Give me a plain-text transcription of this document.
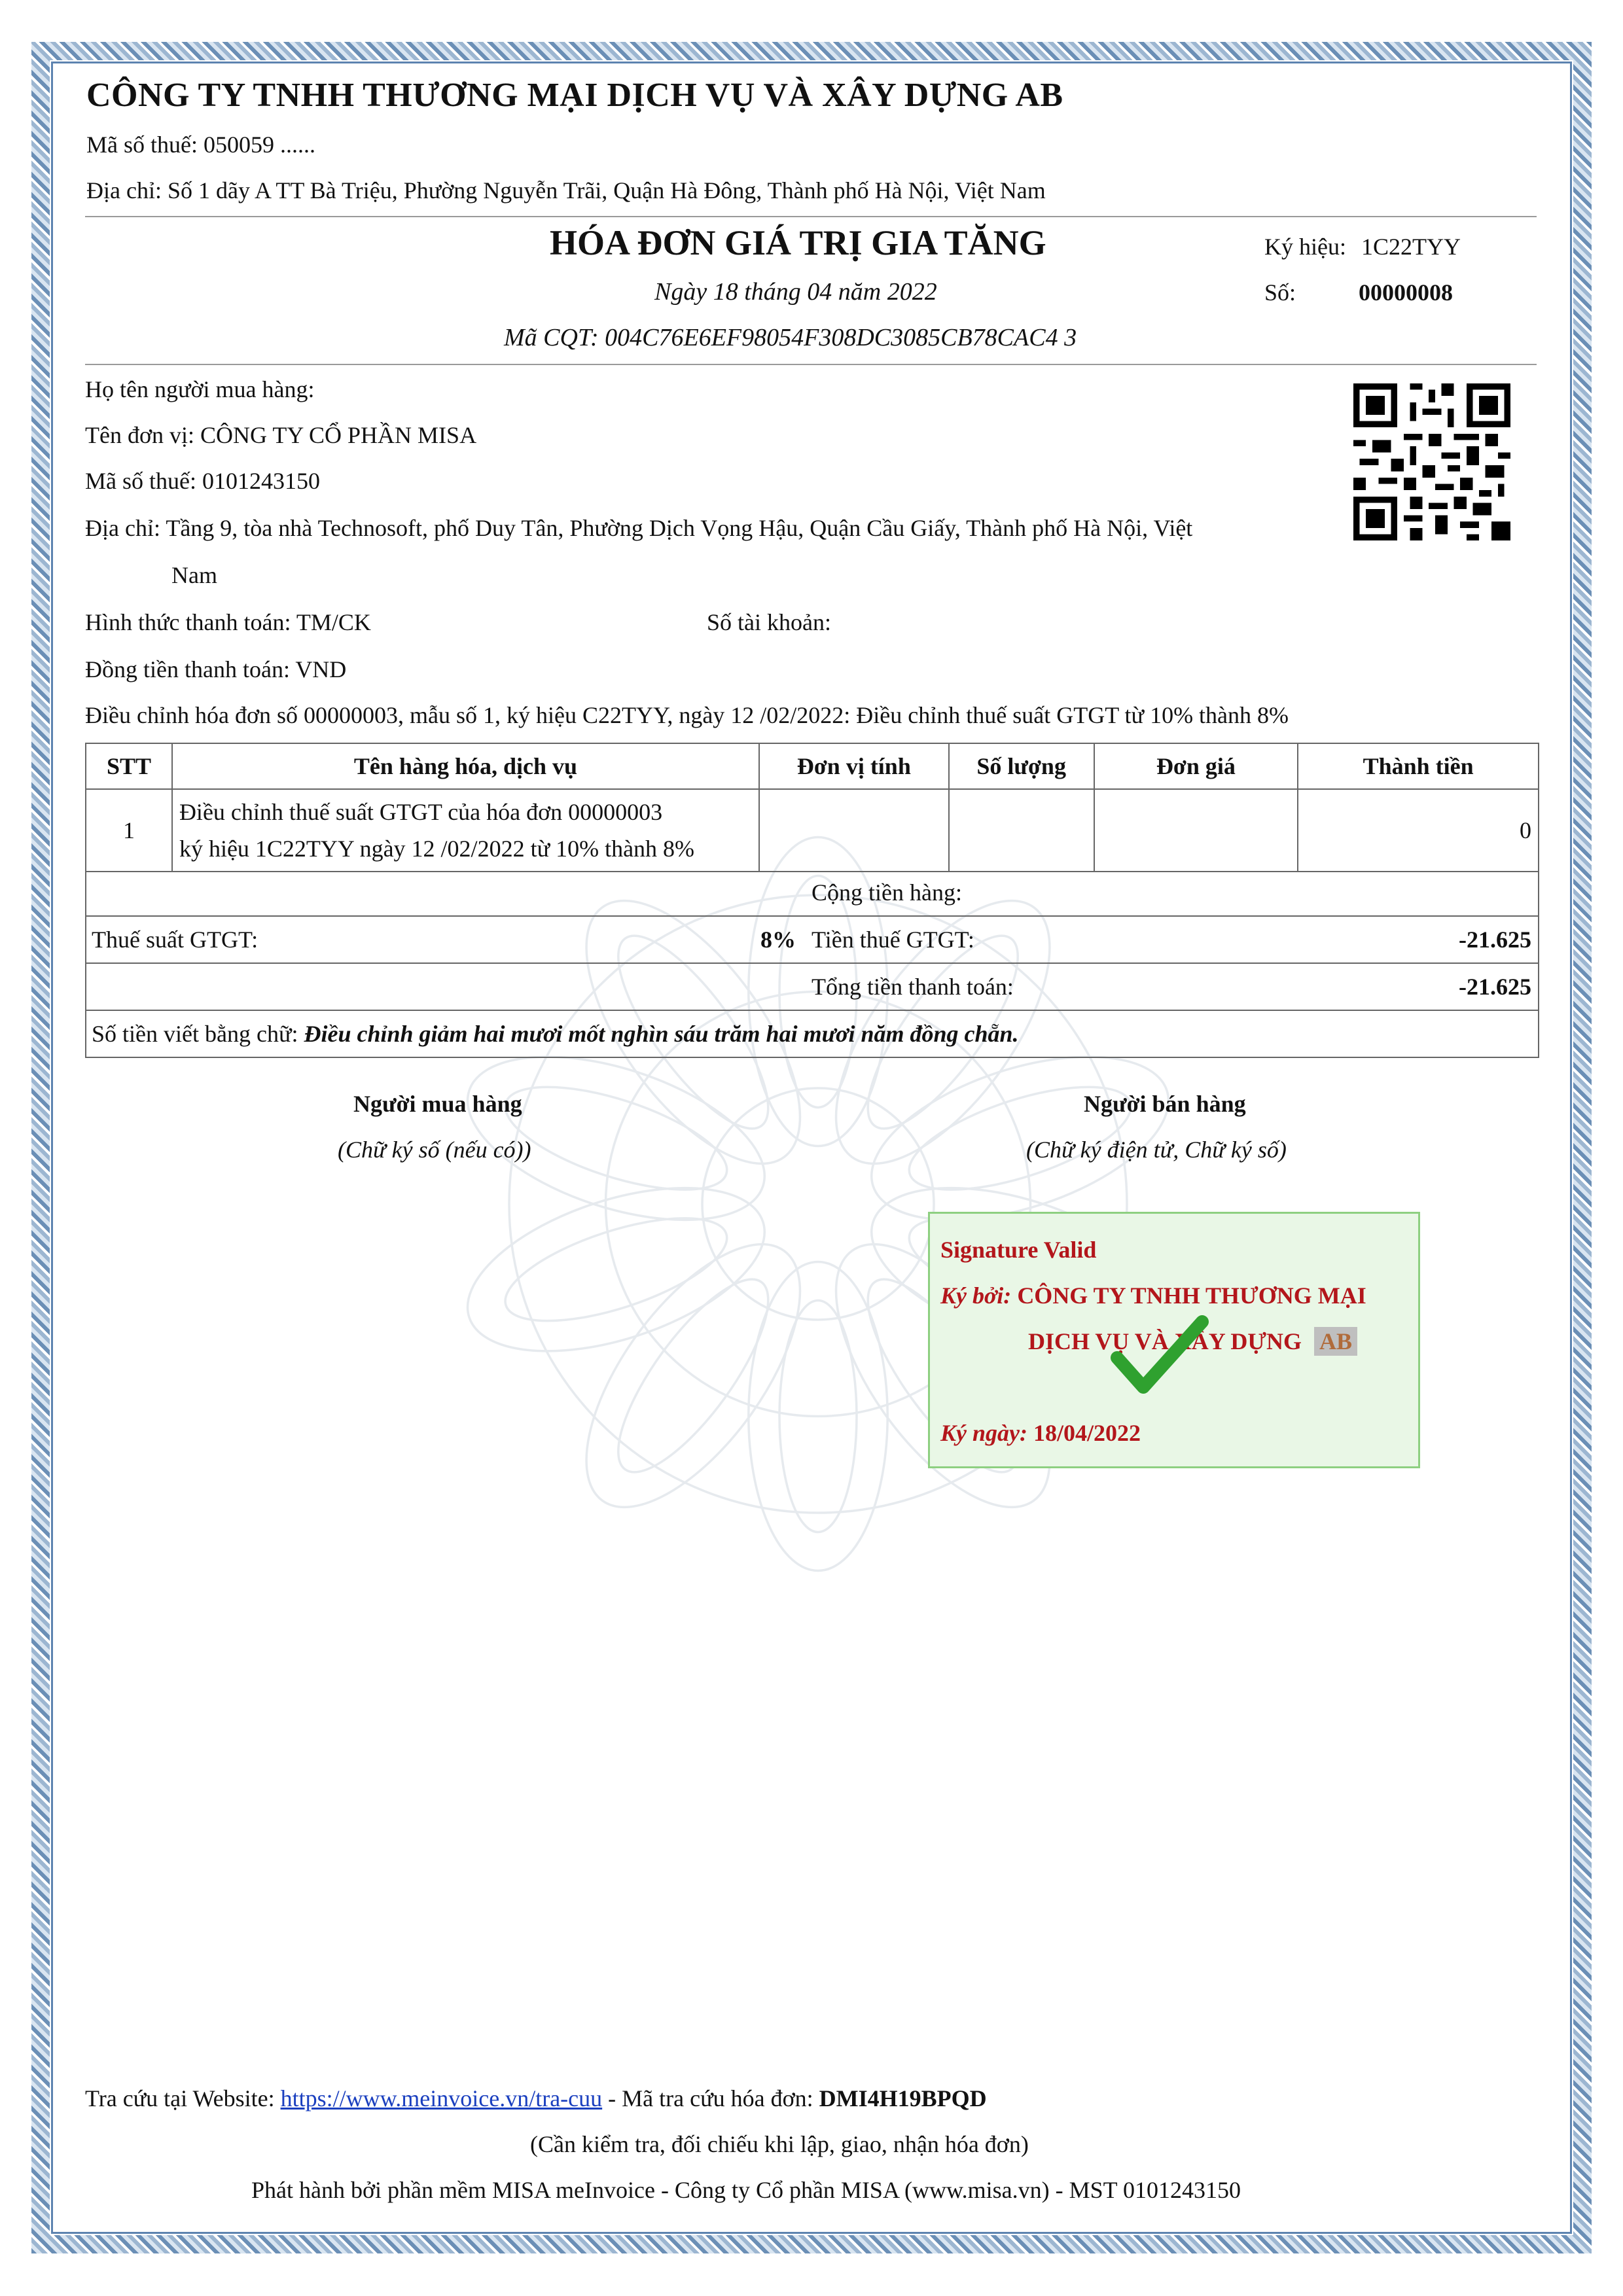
CÔNG TY TNHH THƯƠNG MẠI DỊCH VỤ VÀ XÂY DỰNG AB
Mã số thuế: 050059 ......
Địa chỉ: Số 1 dãy A TT Bà Triệu, Phường Nguyễn Trãi, Quận Hà Đông, Thành phố Hà Nội, Việt Nam
HÓA ĐƠN GIÁ TRỊ GIA TĂNG
Ngày 18 tháng 04 năm 2022
Mã CQT: 004C76E6EF98054F308DC3085CB78CAC4 3
Ký hiệu: 1C22TYY
Số:	00000008
Họ tên người mua hàng:
Tên đơn vị: CÔNG TY CỔ PHẦN MISA
Mã số thuế: 0101243150
Địa chỉ: Tầng 9, tòa nhà Technosoft, phố Duy Tân, Phường Dịch Vọng Hậu, Quận Cầu Giấy, Thành phố Hà Nội, Việt
Nam
Hình thức thanh toán: TM/CK	Số tài khoản:
Đồng tiền thanh toán: VND
Điều chỉnh hóa đơn số 00000003, mẫu số 1, ký hiệu C22TYY, ngày 12 /02/2022: Điều chỉnh thuế suất GTGT từ 10% thành 8%
STT	Tên hàng hóa, dịch vụ	Đơn vị tính	Số lượng	Đơn giá	Thành tiền
1	Điều chỉnh thuế suất GTGT của hóa đơn 00000003
ký hiệu 1C22TYY ngày 12 /02/2022 từ 10% thành 8%				0
Cộng tiền hàng:
Thuế suất GTGT:	8% Tiền thuế GTGT:	-21.625
Tổng tiền thanh toán:	-21.625
Số tiền viết bằng chữ: Điều chỉnh giảm hai mươi mốt nghìn sáu trăm hai mươi năm đồng chẵn.
Người mua hàng
(Chữ ký số (nếu có))
Người bán hàng
(Chữ ký điện tử, Chữ ký số)
Signature Valid
Ký bởi: CÔNG TY TNHH THƯƠNG MẠI
DỊCH VỤ VÀ XÂY DỰNG AB
Ký ngày: 18/04/2022
Tra cứu tại Website: https://www.meinvoice.vn/tra-cuu - Mã tra cứu hóa đơn: DMI4H19BPQD
(Cần kiểm tra, đối chiếu khi lập, giao, nhận hóa đơn)
Phát hành bởi phần mềm MISA meInvoice - Công ty Cổ phần MISA (www.misa.vn) - MST 0101243150
